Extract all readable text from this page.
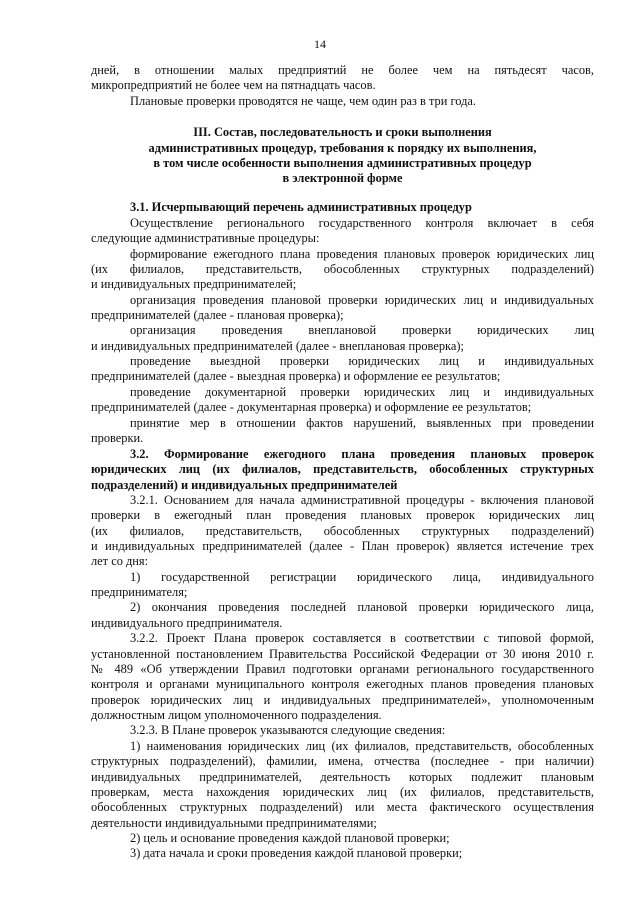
14
дней, в отношении малых предприятий не более чем на пятьдесят часов,
микропредприятий не более чем на пятнадцать часов.
Плановые проверки проводятся не чаще, чем один раз в три года.
III. Состав, последовательность и сроки выполнения
административных процедур, требования к порядку их выполнения,
в том числе особенности выполнения административных процедур
в электронной форме
3.1. Исчерпывающий перечень административных процедур
Осуществление регионального государственного контроля включает в себя
следующие административные процедуры:
формирование ежегодного плана проведения плановых проверок юридических лиц
(их филиалов, представительств, обособленных структурных подразделений)
и индивидуальных предпринимателей;
организация проведения плановой проверки юридических лиц и индивидуальных
предпринимателей (далее - плановая проверка);
организация проведения внеплановой проверки юридических лиц
и индивидуальных предпринимателей (далее - внеплановая проверка);
проведение выездной проверки юридических лиц и индивидуальных
предпринимателей (далее - выездная проверка) и оформление ее результатов;
проведение документарной проверки юридических лиц и индивидуальных
предпринимателей (далее - документарная проверка) и оформление ее результатов;
принятие мер в отношении фактов нарушений, выявленных при проведении
проверки.
3.2. Формирование ежегодного плана проведения плановых проверок
юридических лиц (их филиалов, представительств, обособленных структурных
подразделений) и индивидуальных предпринимателей
3.2.1. Основанием для начала административной процедуры - включения плановой
проверки в ежегодный план проведения плановых проверок юридических лиц
(их филиалов, представительств, обособленных структурных подразделений)
и индивидуальных предпринимателей (далее - План проверок) является истечение трех
лет со дня:
1) государственной регистрации юридического лица, индивидуального
предпринимателя;
2) окончания проведения последней плановой проверки юридического лица,
индивидуального предпринимателя.
3.2.2. Проект Плана проверок составляется в соответствии с типовой формой,
установленной постановлением Правительства Российской Федерации от 30 июня 2010 г.
№ 489 «Об утверждении Правил подготовки органами регионального государственного
контроля и органами муниципального контроля ежегодных планов проведения плановых
проверок юридических лиц и индивидуальных предпринимателей», уполномоченным
должностным лицом уполномоченного подразделения.
3.2.3. В Плане проверок указываются следующие сведения:
1) наименования юридических лиц (их филиалов, представительств, обособленных
структурных подразделений), фамилии, имена, отчества (последнее - при наличии)
индивидуальных предпринимателей, деятельность которых подлежит плановым
проверкам, места нахождения юридических лиц (их филиалов, представительств,
обособленных структурных подразделений) или места фактического осуществления
деятельности индивидуальными предпринимателями;
2) цель и основание проведения каждой плановой проверки;
3) дата начала и сроки проведения каждой плановой проверки;
